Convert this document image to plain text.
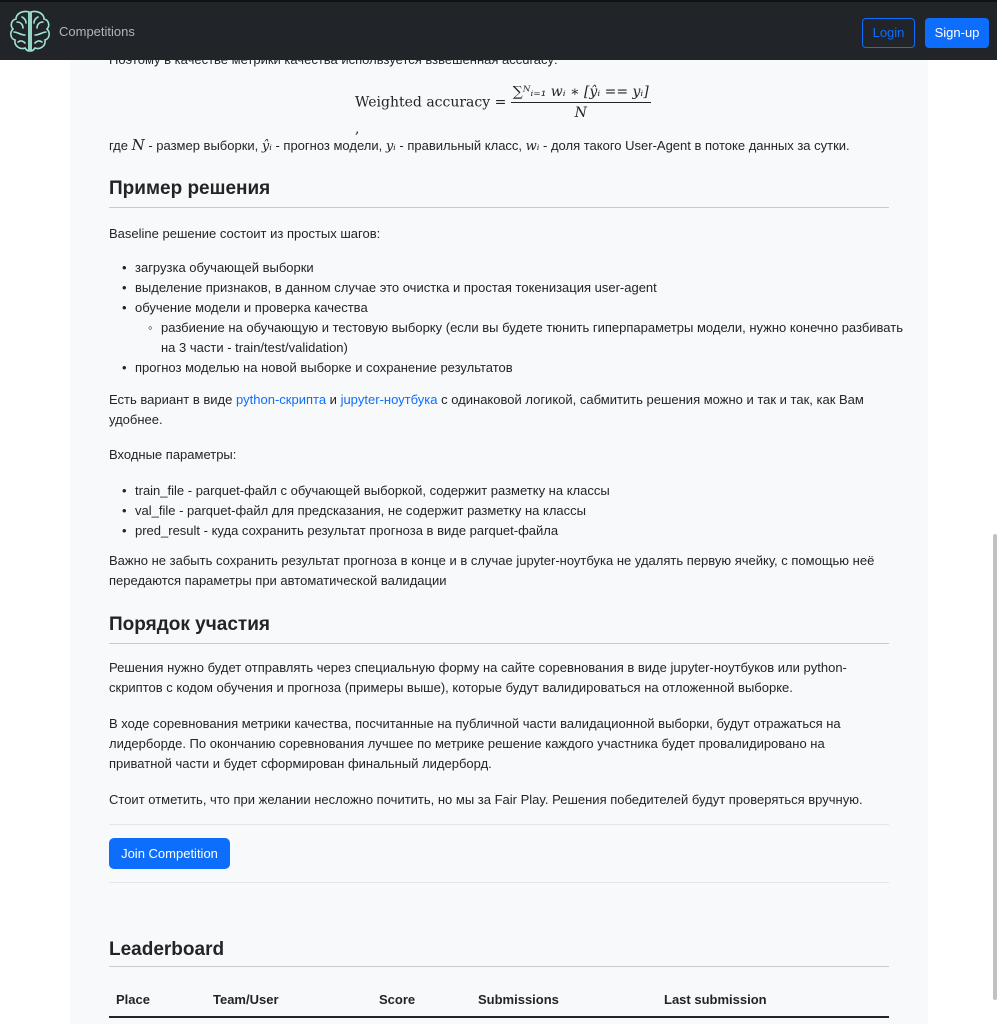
Competitions	Login	Sign-up

Weighted accuracy = $\frac{\text{∑ᴺᵢ₌₁ wᵢ ∗ [ŷᵢ == yᵢ]}}{N}$
,

где N - размер выборки, ŷᵢ - прогноз модели, yᵢ - правильный класс, wᵢ - доля такого User-Agent в потоке данных за сутки.

Пример решения

Baseline решение состоит из простых шагов:

• загрузка обучающей выборки
• выделение признаков, в данном случае это очистка и простая токенизация user-agent
• обучение модели и проверка качества
◦ разбиение на обучающую и тестовую выборку (если вы будете тюнить гиперпараметры модели, нужно конечно разбивать на 3 части - train/test/validation)
• прогноз моделью на новой выборке и сохранение результатов

Есть вариант в виде python-скрипта и jupyter-ноутбука с одинаковой логикой, сабмитить решения можно и так и так, как Вам удобнее.

Входные параметры:

• train_file - parquet-файл с обучающей выборкой, содержит разметку на классы
• val_file - parquet-файл для предсказания, не содержит разметку на классы
• pred_result - куда сохранить результат прогноза в виде parquet-файла

Важно не забыть сохранить результат прогноза в конце и в случае jupyter-ноутбука не удалять первую ячейку, с помощью неё передаются параметры при автоматической валидации

Порядок участия

Решения нужно будет отправлять через специальную форму на сайте соревнования в виде jupyter-ноутбуков или python-скриптов с кодом обучения и прогноза (примеры выше), которые будут валидироваться на отложенной выборке.

В ходе соревнования метрики качества, посчитанные на публичной части валидационной выборки, будут отражаться на лидерборде. По окончанию соревнования лучшее по метрике решение каждого участника будет провалидировано на приватной части и будет сформирован финальный лидерборд.

Стоит отметить, что при желании несложно почитить, но мы за Fair Play. Решения победителей будут проверяться вручную.

Join Competition
Leaderboard
Place	Team/User	Score	Submissions	Last submission
